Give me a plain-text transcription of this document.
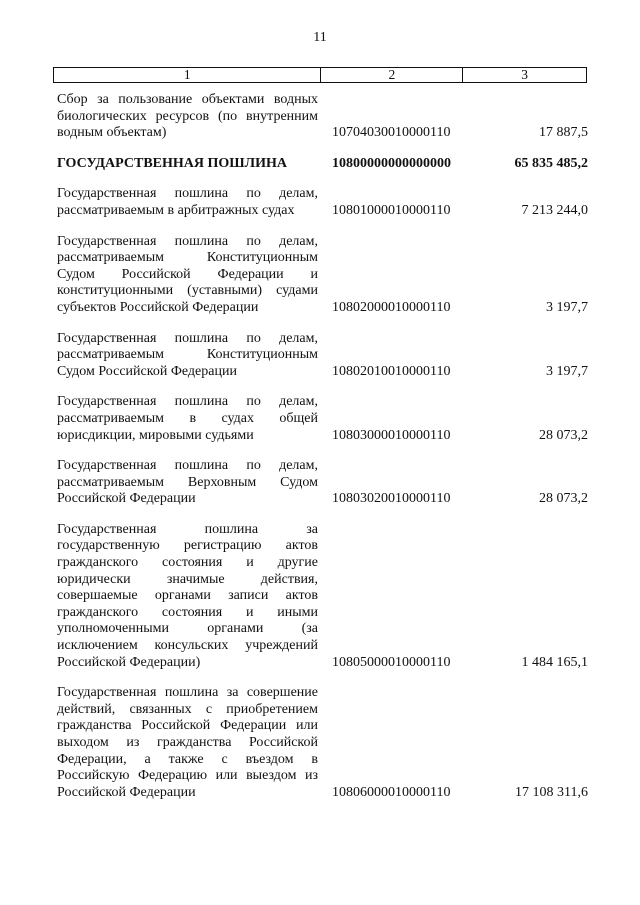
11
1	2	3
Сбор за пользование объектами водных биологических ресурсов (по внутренним водным объектам)	10704030010000110	17 887,5
ГОСУДАРСТВЕННАЯ ПОШЛИНА	10800000000000000	65 835 485,2
Государственная пошлина по делам, рассматриваемым в арбитражных судах	10801000010000110	7 213 244,0
Государственная пошлина по делам, рассматриваемым Конституционным Судом Российской Федерации и конституционными (уставными) судами субъектов Российской Федерации	10802000010000110	3 197,7
Государственная пошлина по делам, рассматриваемым Конституционным Судом Российской Федерации	10802010010000110	3 197,7
Государственная пошлина по делам, рассматриваемым в судах общей юрисдикции, мировыми судьями	10803000010000110	28 073,2
Государственная пошлина по делам, рассматриваемым Верховным Судом Российской Федерации	10803020010000110	28 073,2
Государственная пошлина за государственную регистрацию актов гражданского состояния и другие юридически значимые действия, совершаемые органами записи актов гражданского состояния и иными уполномоченными органами (за исключением консульских учреждений Российской Федерации)	10805000010000110	1 484 165,1
Государственная пошлина за совершение действий, связанных с приобретением гражданства Российской Федерации или выходом из гражданства Российской Федерации, а также с въездом в Российскую Федерацию или выездом из Российской Федерации	10806000010000110	17 108 311,6
